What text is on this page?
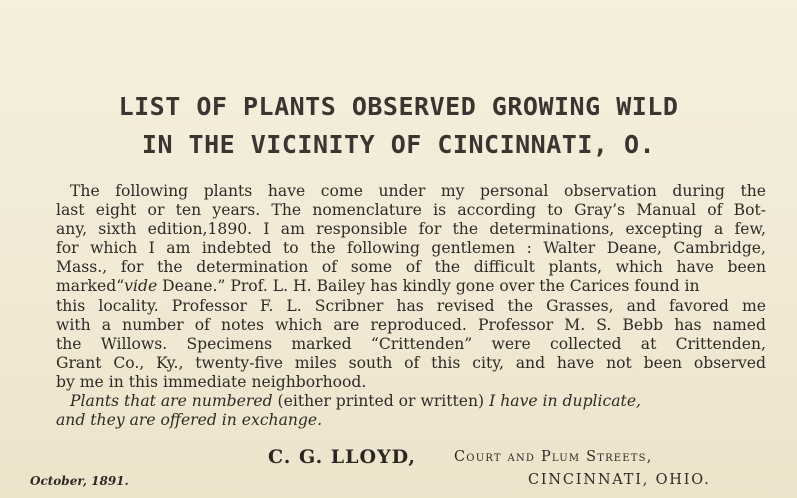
LIST OF PLANTS OBSERVED GROWING WILD
IN THE VICINITY OF CINCINNATI, O.
The following plants have come under my personal observation during the
last eight or ten years. The nomenclature is according to Gray’s Manual of Bot-
any, sixth edition,1890. I am responsible for the determinations, excepting a few,
for which I am indebted to the following gentlemen : Walter Deane, Cambridge,
Mass., for the determination of some of the difficult plants, which have been
marked“vide Deane.” Prof. L. H. Bailey has kindly gone over the Carices found in
this locality. Professor F. L. Scribner has revised the Grasses, and favored me
with a number of notes which are reproduced. Professor M. S. Bebb has named
the Willows. Specimens marked “Crittenden” were collected at Crittenden,
Grant Co., Ky., twenty-five miles south of this city, and have not been observed
by me in this immediate neighborhood.
Plants that are numbered (either printed or written) I have in duplicate,
and they are offered in exchange.
C. G. LLOYD,	Court and Plum Streets,
CINCINNATI, OHIO.
October, 1891.
